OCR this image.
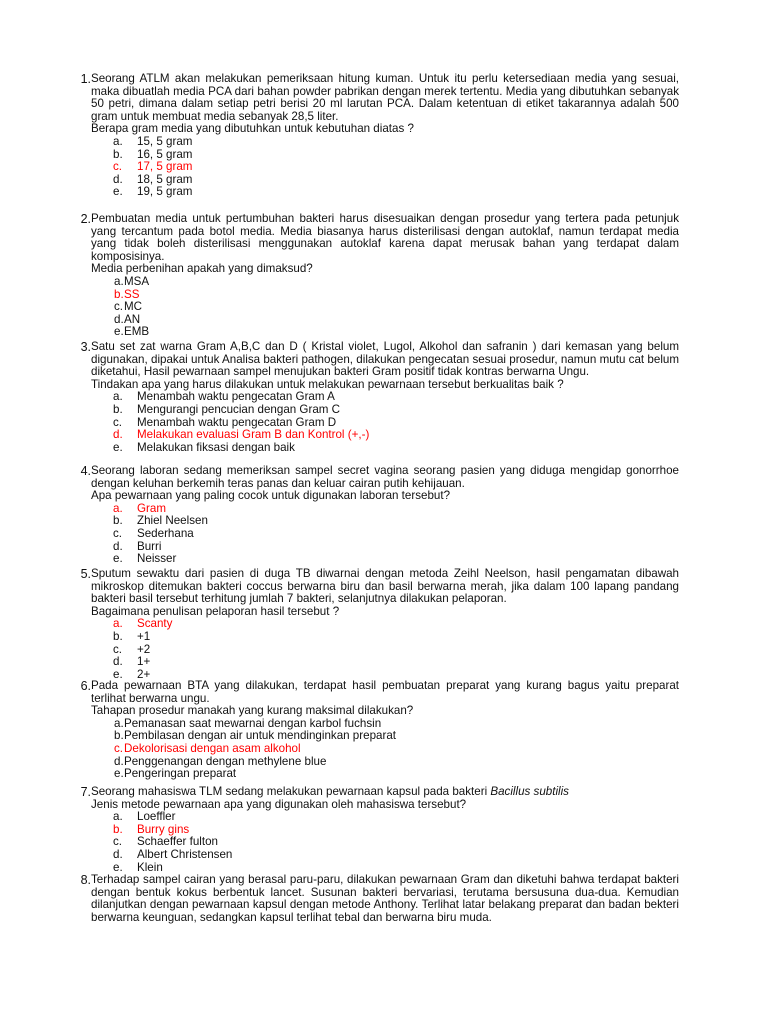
1. Seorang ATLM akan melakukan pemeriksaan hitung kuman. Untuk itu perlu ketersediaan media yang sesuai, maka dibuatlah media PCA dari bahan powder pabrikan dengan merek tertentu. Media yang dibutuhkan sebanyak 50 petri, dimana dalam setiap petri berisi 20 ml larutan PCA. Dalam ketentuan di etiket takarannya adalah 500 gram untuk membuat media sebanyak 28,5 liter.
Berapa gram media yang dibutuhkan untuk kebutuhan diatas ?
a. 15, 5 gram
b. 16, 5 gram
c. 17, 5 gram
d. 18, 5 gram
e. 19, 5 gram
2. Pembuatan media untuk pertumbuhan bakteri harus disesuaikan dengan prosedur yang tertera pada petunjuk yang tercantum pada botol media. Media biasanya harus disterilisasi dengan autoklaf, namun terdapat media yang tidak boleh disterilisasi menggunakan autoklaf karena dapat merusak bahan yang terdapat dalam komposisinya.
Media perbenihan apakah yang dimaksud?
a. MSA
b. SS
c. MC
d. AN
e. EMB
3. Satu set zat warna Gram A,B,C dan D ( Kristal violet, Lugol, Alkohol dan safranin ) dari kemasan yang belum digunakan, dipakai untuk Analisa bakteri pathogen, dilakukan pengecatan sesuai prosedur, namun mutu cat belum diketahui, Hasil pewarnaan sampel menujukan bakteri Gram positif tidak kontras berwarna Ungu.
Tindakan apa yang harus dilakukan untuk melakukan pewarnaan tersebut berkualitas baik ?
a. Menambah waktu pengecatan Gram A
b. Mengurangi pencucian dengan Gram C
c. Menambah waktu pengecatan Gram D
d. Melakukan evaluasi Gram B dan Kontrol (+,-)
e. Melakukan fiksasi dengan baik
4. Seorang laboran sedang memeriksan sampel secret vagina seorang pasien yang diduga mengidap gonorrhoe dengan keluhan berkemih teras panas dan keluar cairan putih kehijauan.
Apa pewarnaan yang paling cocok untuk digunakan laboran tersebut?
a. Gram
b. Zhiel Neelsen
c. Sederhana
d. Burri
e. Neisser
5. Sputum sewaktu dari pasien di duga TB diwarnai dengan metoda Zeihl Neelson, hasil pengamatan dibawah mikroskop ditemukan bakteri coccus berwarna biru dan basil berwarna merah, jika dalam 100 lapang pandang bakteri basil tersebut terhitung jumlah 7 bakteri, selanjutnya dilakukan pelaporan.
Bagaimana penulisan pelaporan hasil tersebut ?
a. Scanty
b. +1
c. +2
d. 1+
e. 2+
6. Pada pewarnaan BTA yang dilakukan, terdapat hasil pembuatan preparat yang kurang bagus yaitu preparat terlihat berwarna ungu.
Tahapan prosedur manakah yang kurang maksimal dilakukan?
a. Pemanasan saat mewarnai dengan karbol fuchsin
b. Pembilasan dengan air untuk mendinginkan preparat
c. Dekolorisasi dengan asam alkohol
d. Penggenangan dengan methylene blue
e. Pengeringan preparat
7. Seorang mahasiswa TLM sedang melakukan pewarnaan kapsul pada bakteri Bacillus subtilis
Jenis metode pewarnaan apa yang digunakan oleh mahasiswa tersebut?
a. Loeffler
b. Burry gins
c. Schaeffer fulton
d. Albert Christensen
e. Klein
8. Terhadap sampel cairan yang berasal paru-paru, dilakukan pewarnaan Gram dan diketuhi bahwa terdapat bakteri dengan bentuk kokus berbentuk lancet. Susunan bakteri bervariasi, terutama bersusuna dua-dua. Kemudian dilanjutkan dengan pewarnaan kapsul dengan metode Anthony. Terlihat latar belakang preparat dan badan bekteri berwarna keunguan, sedangkan kapsul terlihat tebal dan berwarna biru muda.
